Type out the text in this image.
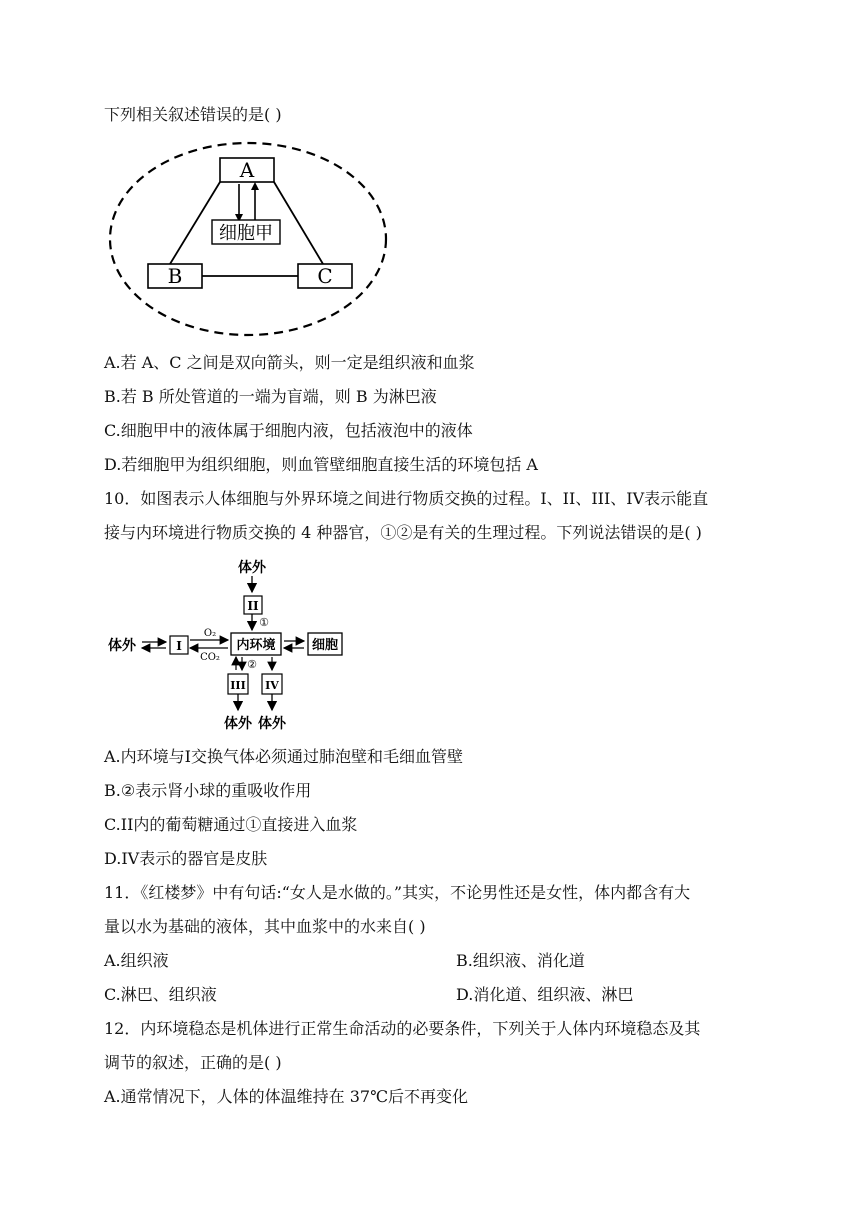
下列相关叙述错误的是( )
A
细胞甲
B	C
A.若 A、C 之间是双向箭头，则一定是组织液和血浆
B.若 B 所处管道的一端为盲端，则 B 为淋巴液
C.细胞甲中的液体属于细胞内液，包括液泡中的液体
D.若细胞甲为组织细胞，则血管壁细胞直接生活的环境包括 A
10．如图表示人体细胞与外界环境之间进行物质交换的过程。I、II、III、IV表示能直
接与内环境进行物质交换的 4 种器官，①②是有关的生理过程。下列说法错误的是( )
体外
II
①
体外	I
O₂
CO₂
内环境	细胞
②
III IV
体外 体外
A.内环境与I交换气体必须通过肺泡壁和毛细血管壁
B.②表示肾小球的重吸收作用
C.II内的葡萄糖通过①直接进入血浆
D.IV表示的器官是皮肤
11．《红楼梦》中有句话:“女人是水做的。”其实，不论男性还是女性，体内都含有大
量以水为基础的液体，其中血浆中的水来自( )
A.组织液	B.组织液、消化道
C.淋巴、组织液	D.消化道、组织液、淋巴
12．内环境稳态是机体进行正常生命活动的必要条件，下列关于人体内环境稳态及其
调节的叙述，正确的是( )
A.通常情况下，人体的体温维持在 37℃后不再变化
